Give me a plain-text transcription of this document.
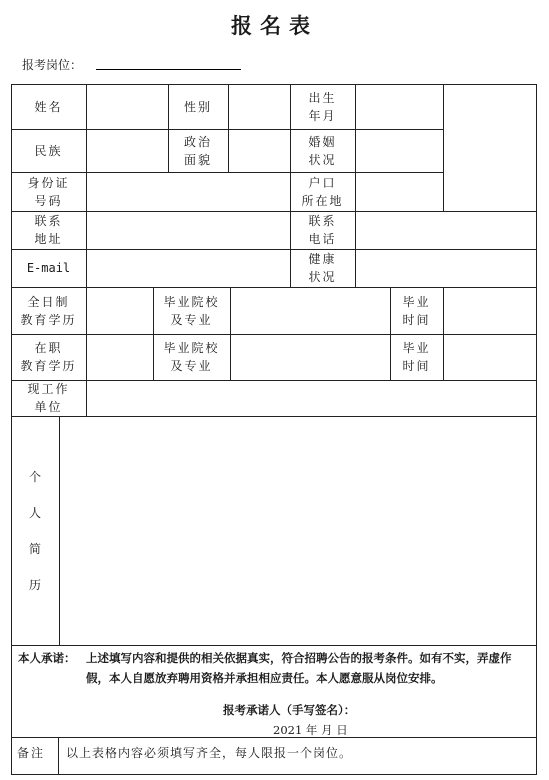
报名表
报考岗位：
姓名	性别
出生
年月
民族
政治
面貌
婚姻
状况
身份证
号码
户口
所在地
联系
地址
联系
电话
E-mail
健康
状况
全日制
教育学历
毕业院校
及专业
毕业
时间
在职
教育学历
毕业院校
及专业
毕业
时间
现工作
单位
个
人
简
历
本人承诺： 上述填写内容和提供的相关依据真实，符合招聘公告的报考条件。如有不实，弄虚作假，本人自愿放弃聘用资格并承担相应责任。本人愿意服从岗位安排。
报考承诺人（手写签名）：
2021 年 月 日
备注 以上表格内容必须填写齐全，每人限报一个岗位。
